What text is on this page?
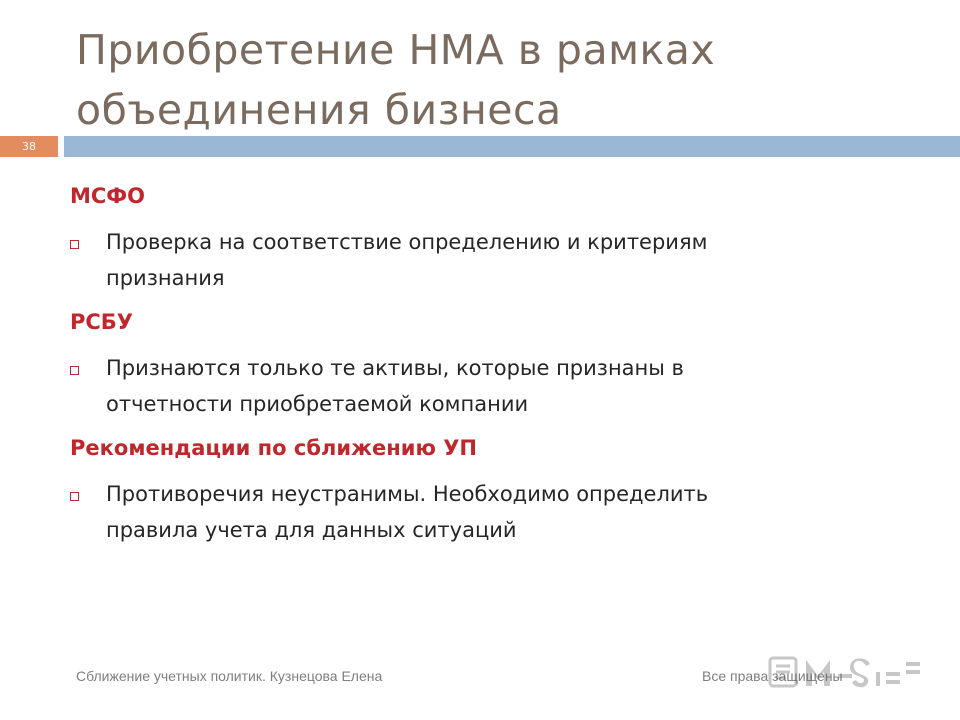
Приобретение НМА в рамках
объединения бизнеса
38

МСФО

Проверка на соответствие определению и критериям
признания

РСБУ

Признаются только те активы, которые признаны в
отчетности приобретаемой компании

Рекомендации по сближению УП

Противоречия неустранимы. Необходимо определить
правила учета для данных ситуаций
Сближение учетных политик. Кузнецова Елена	Все права защищены
